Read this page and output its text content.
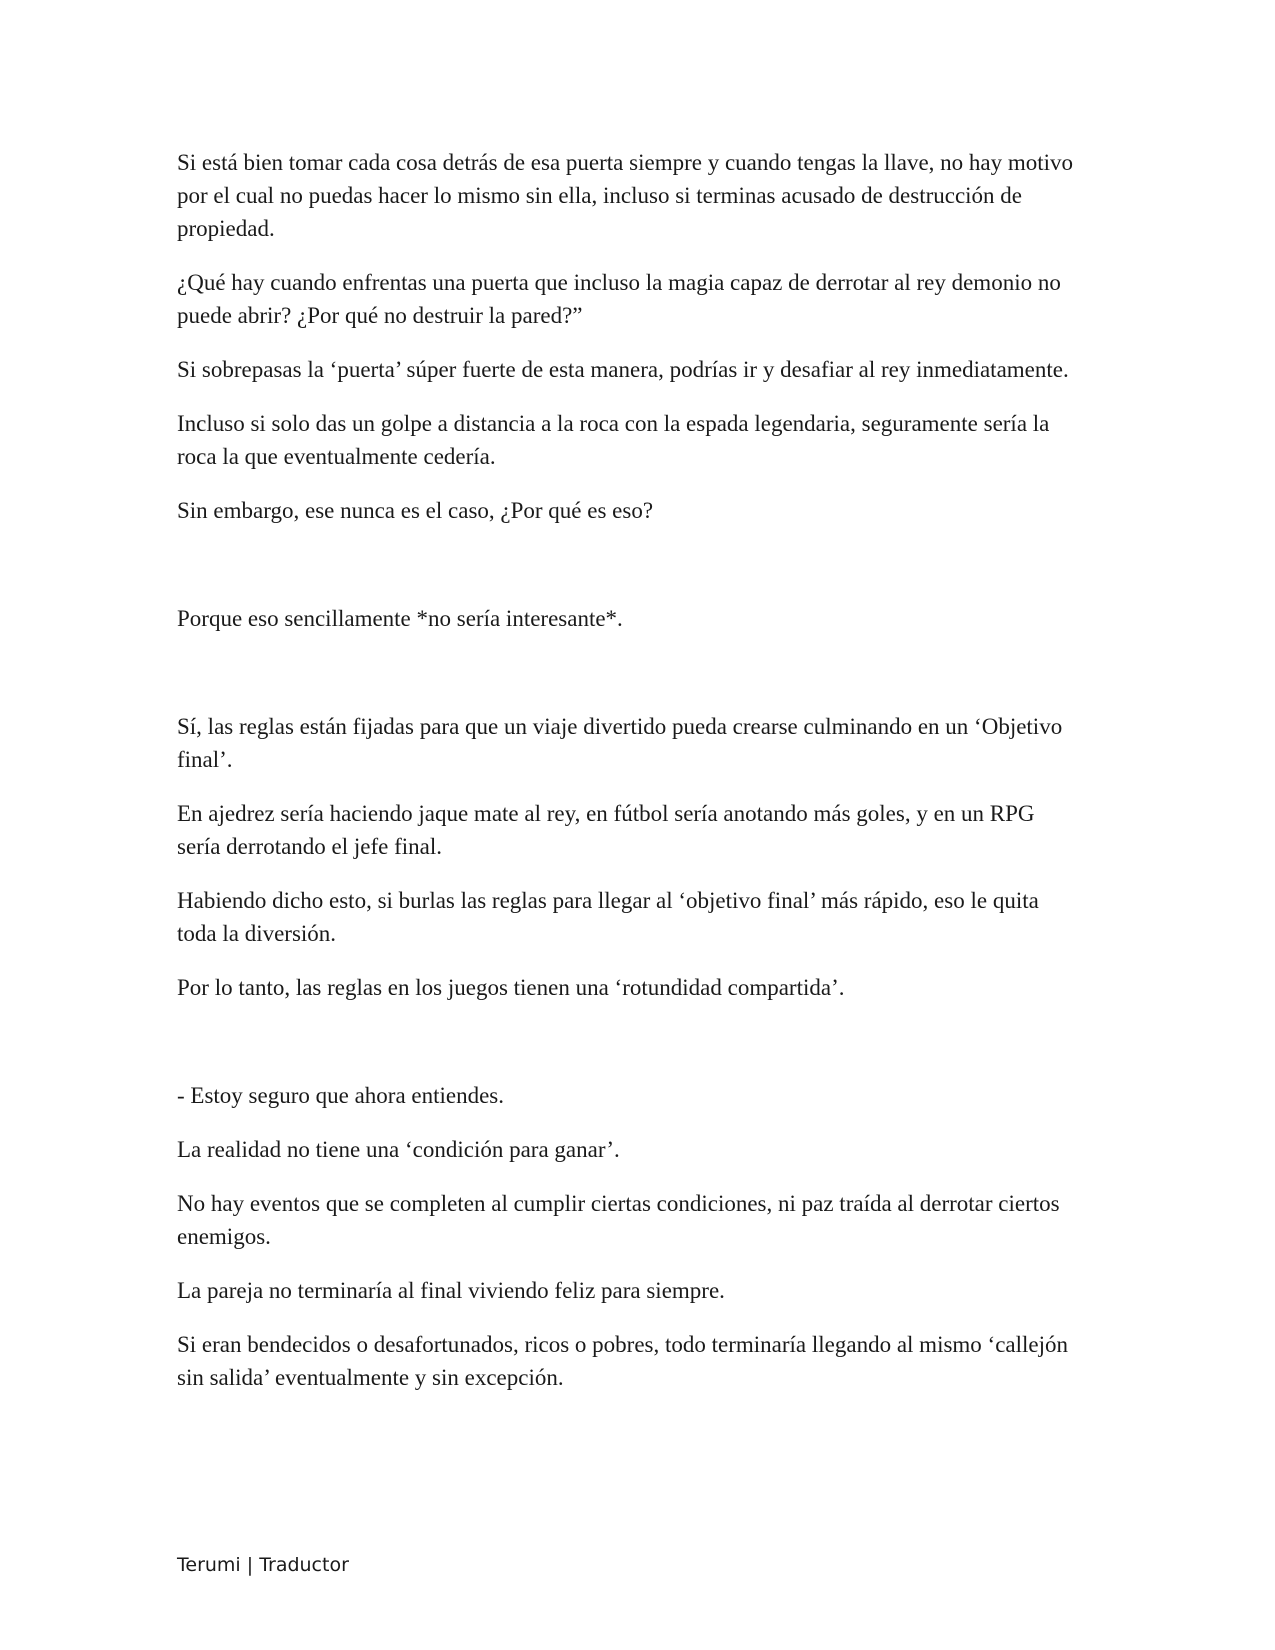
Si está bien tomar cada cosa detrás de esa puerta siempre y cuando tengas la llave, no hay motivo por el cual no puedas hacer lo mismo sin ella, incluso si terminas acusado de destrucción de propiedad.

¿Qué hay cuando enfrentas una puerta que incluso la magia capaz de derrotar al rey demonio no puede abrir? ¿Por qué no destruir la pared?”

Si sobrepasas la ‘puerta’ súper fuerte de esta manera, podrías ir y desafiar al rey inmediatamente.

Incluso si solo das un golpe a distancia a la roca con la espada legendaria, seguramente sería la roca la que eventualmente cedería.

Sin embargo, ese nunca es el caso, ¿Por qué es eso?

Porque eso sencillamente *no sería interesante*.

Sí, las reglas están fijadas para que un viaje divertido pueda crearse culminando en un ‘Objetivo final’.

En ajedrez sería haciendo jaque mate al rey, en fútbol sería anotando más goles, y en un RPG sería derrotando el jefe final.

Habiendo dicho esto, si burlas las reglas para llegar al ‘objetivo final’ más rápido, eso le quita toda la diversión.

Por lo tanto, las reglas en los juegos tienen una ‘rotundidad compartida’.

- Estoy seguro que ahora entiendes.

La realidad no tiene una ‘condición para ganar’.

No hay eventos que se completen al cumplir ciertas condiciones, ni paz traída al derrotar ciertos enemigos.

La pareja no terminaría al final viviendo feliz para siempre.

Si eran bendecidos o desafortunados, ricos o pobres, todo terminaría llegando al mismo ‘callejón sin salida’ eventualmente y sin excepción.

Terumi | Traductor
